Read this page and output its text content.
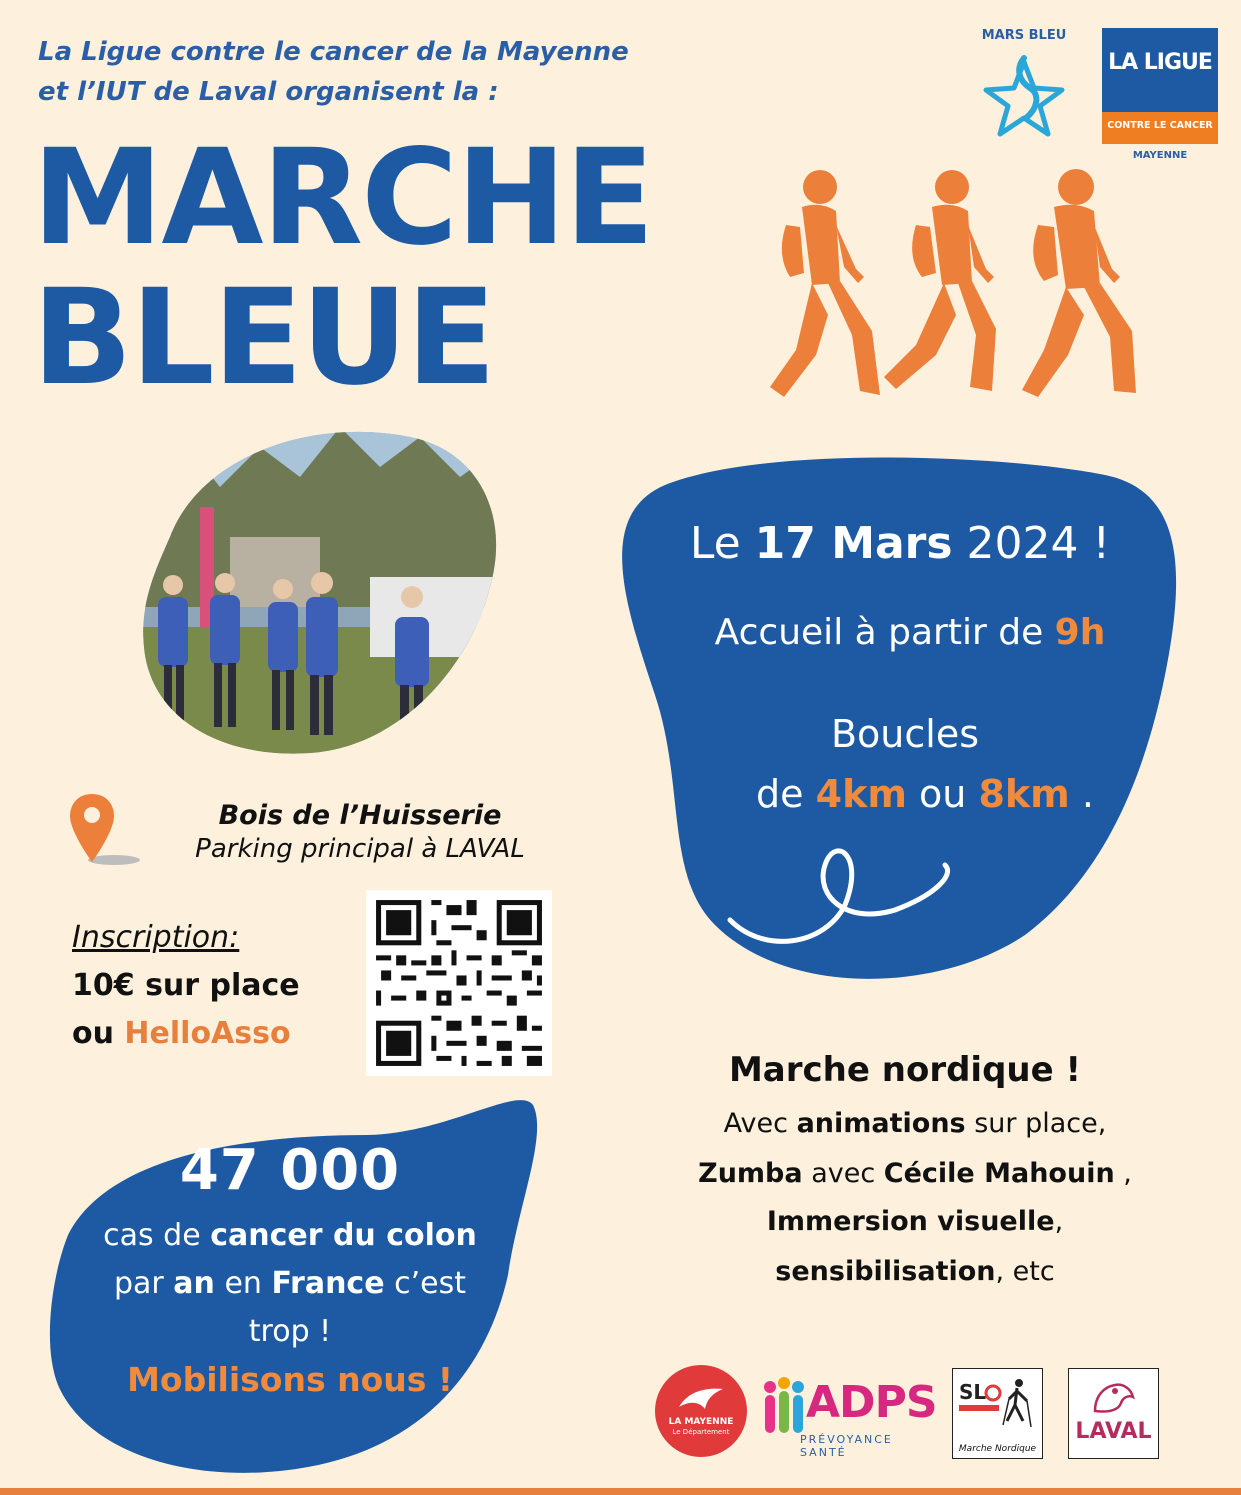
La Ligue contre le cancer de la Mayenne
et l’IUT de Laval organisent la :
MARCHE
BLEUE
MARS BLEU
LA LIGUE
CONTRE LE CANCER
MAYENNE
Le 17 Mars 2024 !
Accueil à partir de 9h
Boucles
de 4km ou 8km .
Bois de l’Huisserie
Parking principal à LAVAL
Inscription:
10€ sur place
ou HelloAsso
47 000
cas de cancer du colon
par an en France c’est
trop !
Mobilisons nous !
Marche nordique !
Avec animations sur place,
Zumba avec Cécile Mahouin ,
Immersion visuelle,
sensibilisation, etc
LA MAYENNE
Le Département
ADPS
PRÉVOYANCE SANTÉ
SL
Marche Nordique
LAVAL
